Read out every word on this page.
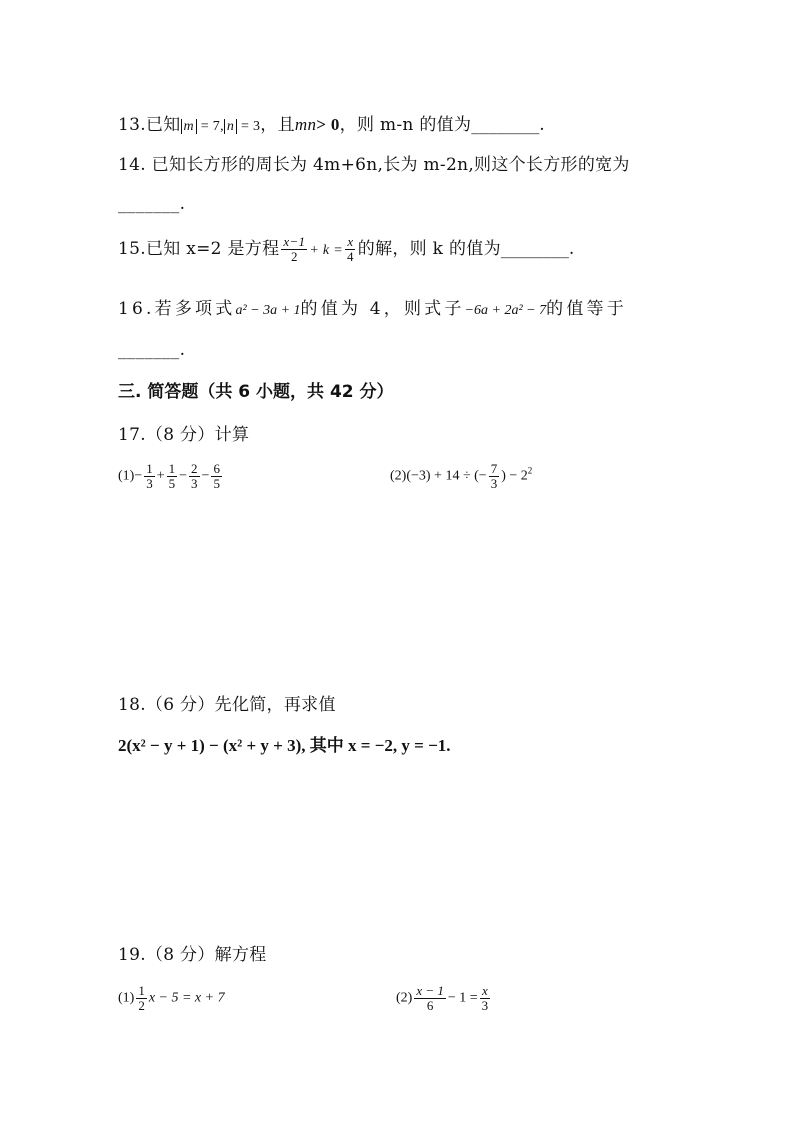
13.已知 m = 7, n = 3，且mn> 0，则 m-n 的值为________.
14. 已知长方形的周长为 4m+6n,长为 m-2n,则这个长方形的宽为
_______.
15.已知 x=2 是方程 $\frac{x-1}{2} + k = \frac{x}{4}$ 的解，则 k 的值为________.
16.若多项式a² − 3a + 1的值为 4，则式子−6a + 2a² − 7的值等于
_______.
三. 简答题（共 6 小题，共 42 分）
17.（8 分）计算
$(1)- \frac{1}{3} + \frac{1}{5} - \frac{2}{3} - \frac{6}{5}$	(2)(−3) + 14 ÷ (− $\frac{7}{3}$ ) − $2^2$
18.（6 分）先化简，再求值
2(x² − y + 1) − (x² + y + 3), 其中 x = −2, y = −1.
19.（8 分）解方程
$(1) \frac{1}{2}$ x − 5 = x + 7	$(2) \frac{x - 1}{6} - 1 = \frac{x}{3}$
